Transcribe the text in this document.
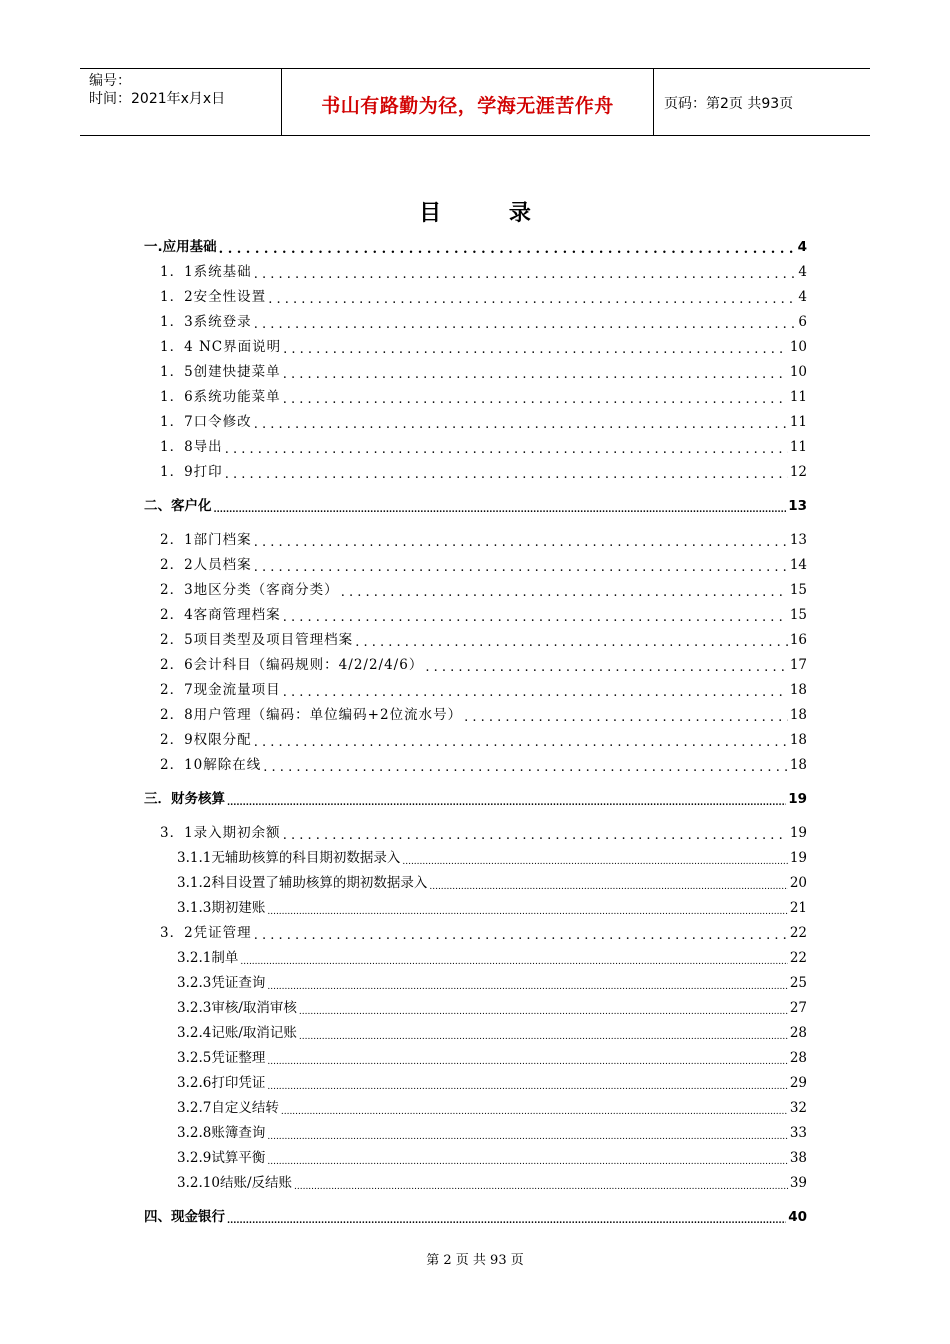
编号：
时间：2021年x月x日	书山有路勤为径，学海无涯苦作舟	页码：第2页 共93页
目 录
一.应用基础 . . .	4
1．1系统基础 . . .	4
1．2安全性设置 . . .	4
1．3系统登录 . . .	6
1．4 NC界面说明 . . .	10
1．5创建快捷菜单 . . .	10
1．6系统功能菜单 . . .	11
1．7口令修改 . . .	11
1．8导出 . . .	11
1．9打印 . . .	12
二、客户化 .....	13
2．1部门档案 . . .	13
2．2人员档案 . . .	14
2．3地区分类（客商分类） . . .	15
2．4客商管理档案 . . .	15
2．5项目类型及项目管理档案 . . .	16
2．6会计科目（编码规则：4/2/2/4/6） . . .	17
2．7现金流量项目 . . .	18
2．8用户管理（编码：单位编码+2位流水号） . . .	18
2．9权限分配 . . .	18
2．10解除在线 . . .	18
三．财务核算 .....	19
3．1录入期初余额 . . .	19
3.1.1无辅助核算的科目期初数据录入 .....	19
3.1.2科目设置了辅助核算的期初数据录入 .....	20
3.1.3期初建账 .....	21
3．2凭证管理 . . .	22
3.2.1制单 .....	22
3.2.3凭证查询 .....	25
3.2.3审核/取消审核 .....	27
3.2.4记账/取消记账 .....	28
3.2.5凭证整理 .....	28
3.2.6打印凭证 .....	29
3.2.7自定义结转 .....	32
3.2.8账簿查询 .....	33
3.2.9试算平衡 .....	38
3.2.10结账/反结账 .....	39
四、现金银行 .....	40
第 2 页 共 93 页
